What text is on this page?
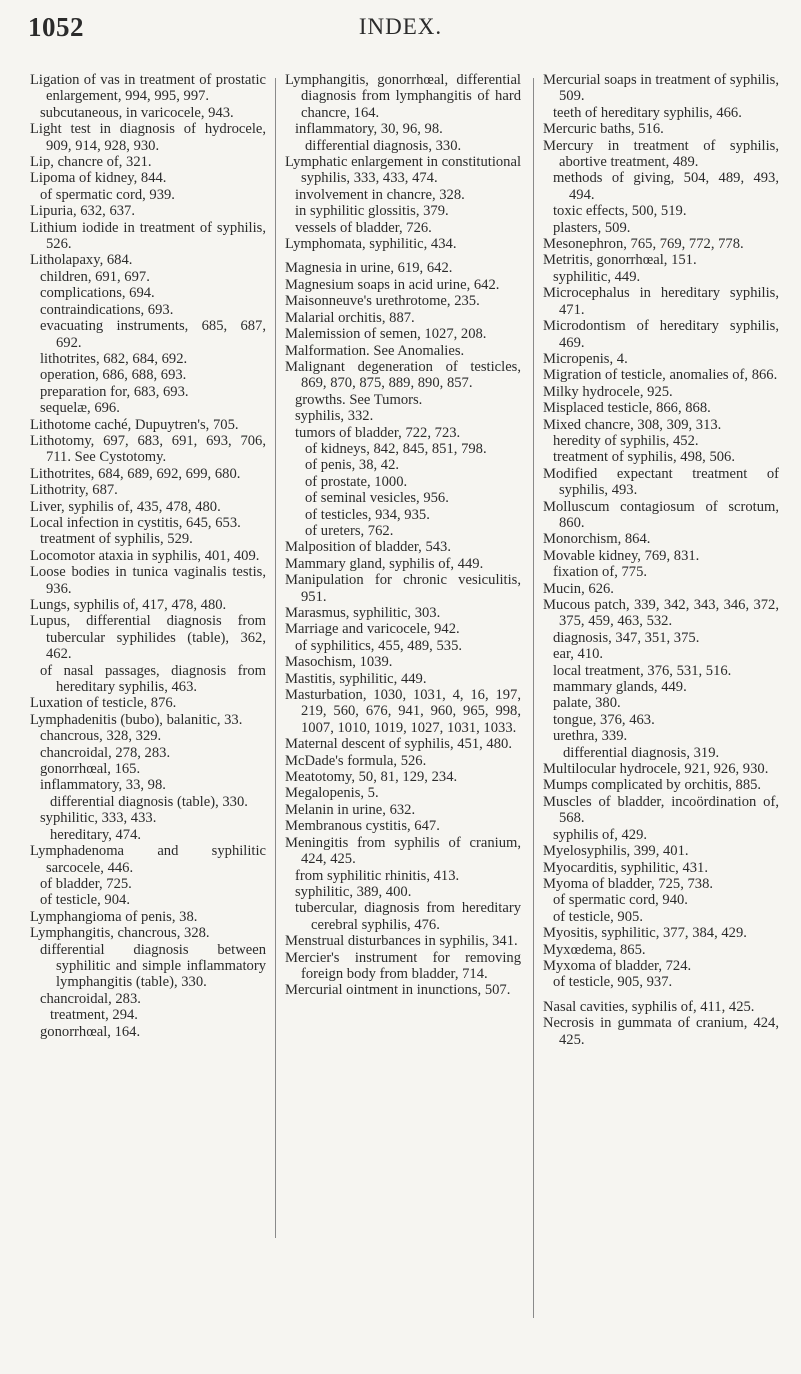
1052	INDEX.
Ligation of vas in treatment of prostatic enlargement, 994, 995, 997.
subcutaneous, in varicocele, 943.
Light test in diagnosis of hydrocele, 909, 914, 928, 930.
Lip, chancre of, 321.
Lipoma of kidney, 844.
of spermatic cord, 939.
Lipuria, 632, 637.
Lithium iodide in treatment of syphilis, 526.
Litholapaxy, 684.
children, 691, 697.
complications, 694.
contraindications, 693.
evacuating instruments, 685, 687, 692.
lithotrites, 682, 684, 692.
operation, 686, 688, 693.
preparation for, 683, 693.
sequelæ, 696.
Lithotome caché, Dupuytren's, 705.
Lithotomy, 697, 683, 691, 693, 706, 711. See Cystotomy.
Lithotrites, 684, 689, 692, 699, 680.
Lithotrity, 687.
Liver, syphilis of, 435, 478, 480.
Local infection in cystitis, 645, 653.
treatment of syphilis, 529.
Locomotor ataxia in syphilis, 401, 409.
Loose bodies in tunica vaginalis testis, 936.
Lungs, syphilis of, 417, 478, 480.
Lupus, differential diagnosis from tubercular syphilides (table), 362, 462.
of nasal passages, diagnosis from hereditary syphilis, 463.
Luxation of testicle, 876.
Lymphadenitis (bubo), balanitic, 33.
chancrous, 328, 329.
chancroidal, 278, 283.
gonorrhœal, 165.
inflammatory, 33, 98.
differential diagnosis (table), 330.
syphilitic, 333, 433.
hereditary, 474.
Lymphadenoma and syphilitic sarcocele, 446.
of bladder, 725.
of testicle, 904.
Lymphangioma of penis, 38.
Lymphangitis, chancrous, 328.
differential diagnosis between syphilitic and simple inflammatory lymphangitis (table), 330.
chancroidal, 283.
treatment, 294.
gonorrhœal, 164.
Lymphangitis, gonorrhœal, differential diagnosis from lymphangitis of hard chancre, 164.
inflammatory, 30, 96, 98.
differential diagnosis, 330.
Lymphatic enlargement in constitutional syphilis, 333, 433, 474.
involvement in chancre, 328.
in syphilitic glossitis, 379.
vessels of bladder, 726.
Lymphomata, syphilitic, 434.
Magnesia in urine, 619, 642.
Magnesium soaps in acid urine, 642.
Maisonneuve's urethrotome, 235.
Malarial orchitis, 887.
Malemission of semen, 1027, 208.
Malformation. See Anomalies.
Malignant degeneration of testicles, 869, 870, 875, 889, 890, 857.
growths. See Tumors.
syphilis, 332.
tumors of bladder, 722, 723.
of kidneys, 842, 845, 851, 798.
of penis, 38, 42.
of prostate, 1000.
of seminal vesicles, 956.
of testicles, 934, 935.
of ureters, 762.
Malposition of bladder, 543.
Mammary gland, syphilis of, 449.
Manipulation for chronic vesiculitis, 951.
Marasmus, syphilitic, 303.
Marriage and varicocele, 942.
of syphilitics, 455, 489, 535.
Masochism, 1039.
Mastitis, syphilitic, 449.
Masturbation, 1030, 1031, 4, 16, 197, 219, 560, 676, 941, 960, 965, 998, 1007, 1010, 1019, 1027, 1031, 1033.
Maternal descent of syphilis, 451, 480.
McDade's formula, 526.
Meatotomy, 50, 81, 129, 234.
Megalopenis, 5.
Melanin in urine, 632.
Membranous cystitis, 647.
Meningitis from syphilis of cranium, 424, 425.
from syphilitic rhinitis, 413.
syphilitic, 389, 400.
tubercular, diagnosis from hereditary cerebral syphilis, 476.
Menstrual disturbances in syphilis, 341.
Mercier's instrument for removing foreign body from bladder, 714.
Mercurial ointment in inunctions, 507.
Mercurial soaps in treatment of syphilis, 509.
teeth of hereditary syphilis, 466.
Mercuric baths, 516.
Mercury in treatment of syphilis, abortive treatment, 489.
methods of giving, 504, 489, 493, 494.
toxic effects, 500, 519.
plasters, 509.
Mesonephron, 765, 769, 772, 778.
Metritis, gonorrhœal, 151.
syphilitic, 449.
Microcephalus in hereditary syphilis, 471.
Microdontism of hereditary syphilis, 469.
Micropenis, 4.
Migration of testicle, anomalies of, 866.
Milky hydrocele, 925.
Misplaced testicle, 866, 868.
Mixed chancre, 308, 309, 313.
heredity of syphilis, 452.
treatment of syphilis, 498, 506.
Modified expectant treatment of syphilis, 493.
Molluscum contagiosum of scrotum, 860.
Monorchism, 864.
Movable kidney, 769, 831.
fixation of, 775.
Mucin, 626.
Mucous patch, 339, 342, 343, 346, 372, 375, 459, 463, 532.
diagnosis, 347, 351, 375.
ear, 410.
local treatment, 376, 531, 516.
mammary glands, 449.
palate, 380.
tongue, 376, 463.
urethra, 339.
differential diagnosis, 319.
Multilocular hydrocele, 921, 926, 930.
Mumps complicated by orchitis, 885.
Muscles of bladder, incoördination of, 568.
syphilis of, 429.
Myelosyphilis, 399, 401.
Myocarditis, syphilitic, 431.
Myoma of bladder, 725, 738.
of spermatic cord, 940.
of testicle, 905.
Myositis, syphilitic, 377, 384, 429.
Myxœdema, 865.
Myxoma of bladder, 724.
of testicle, 905, 937.
Nasal cavities, syphilis of, 411, 425.
Necrosis in gummata of cranium, 424, 425.
